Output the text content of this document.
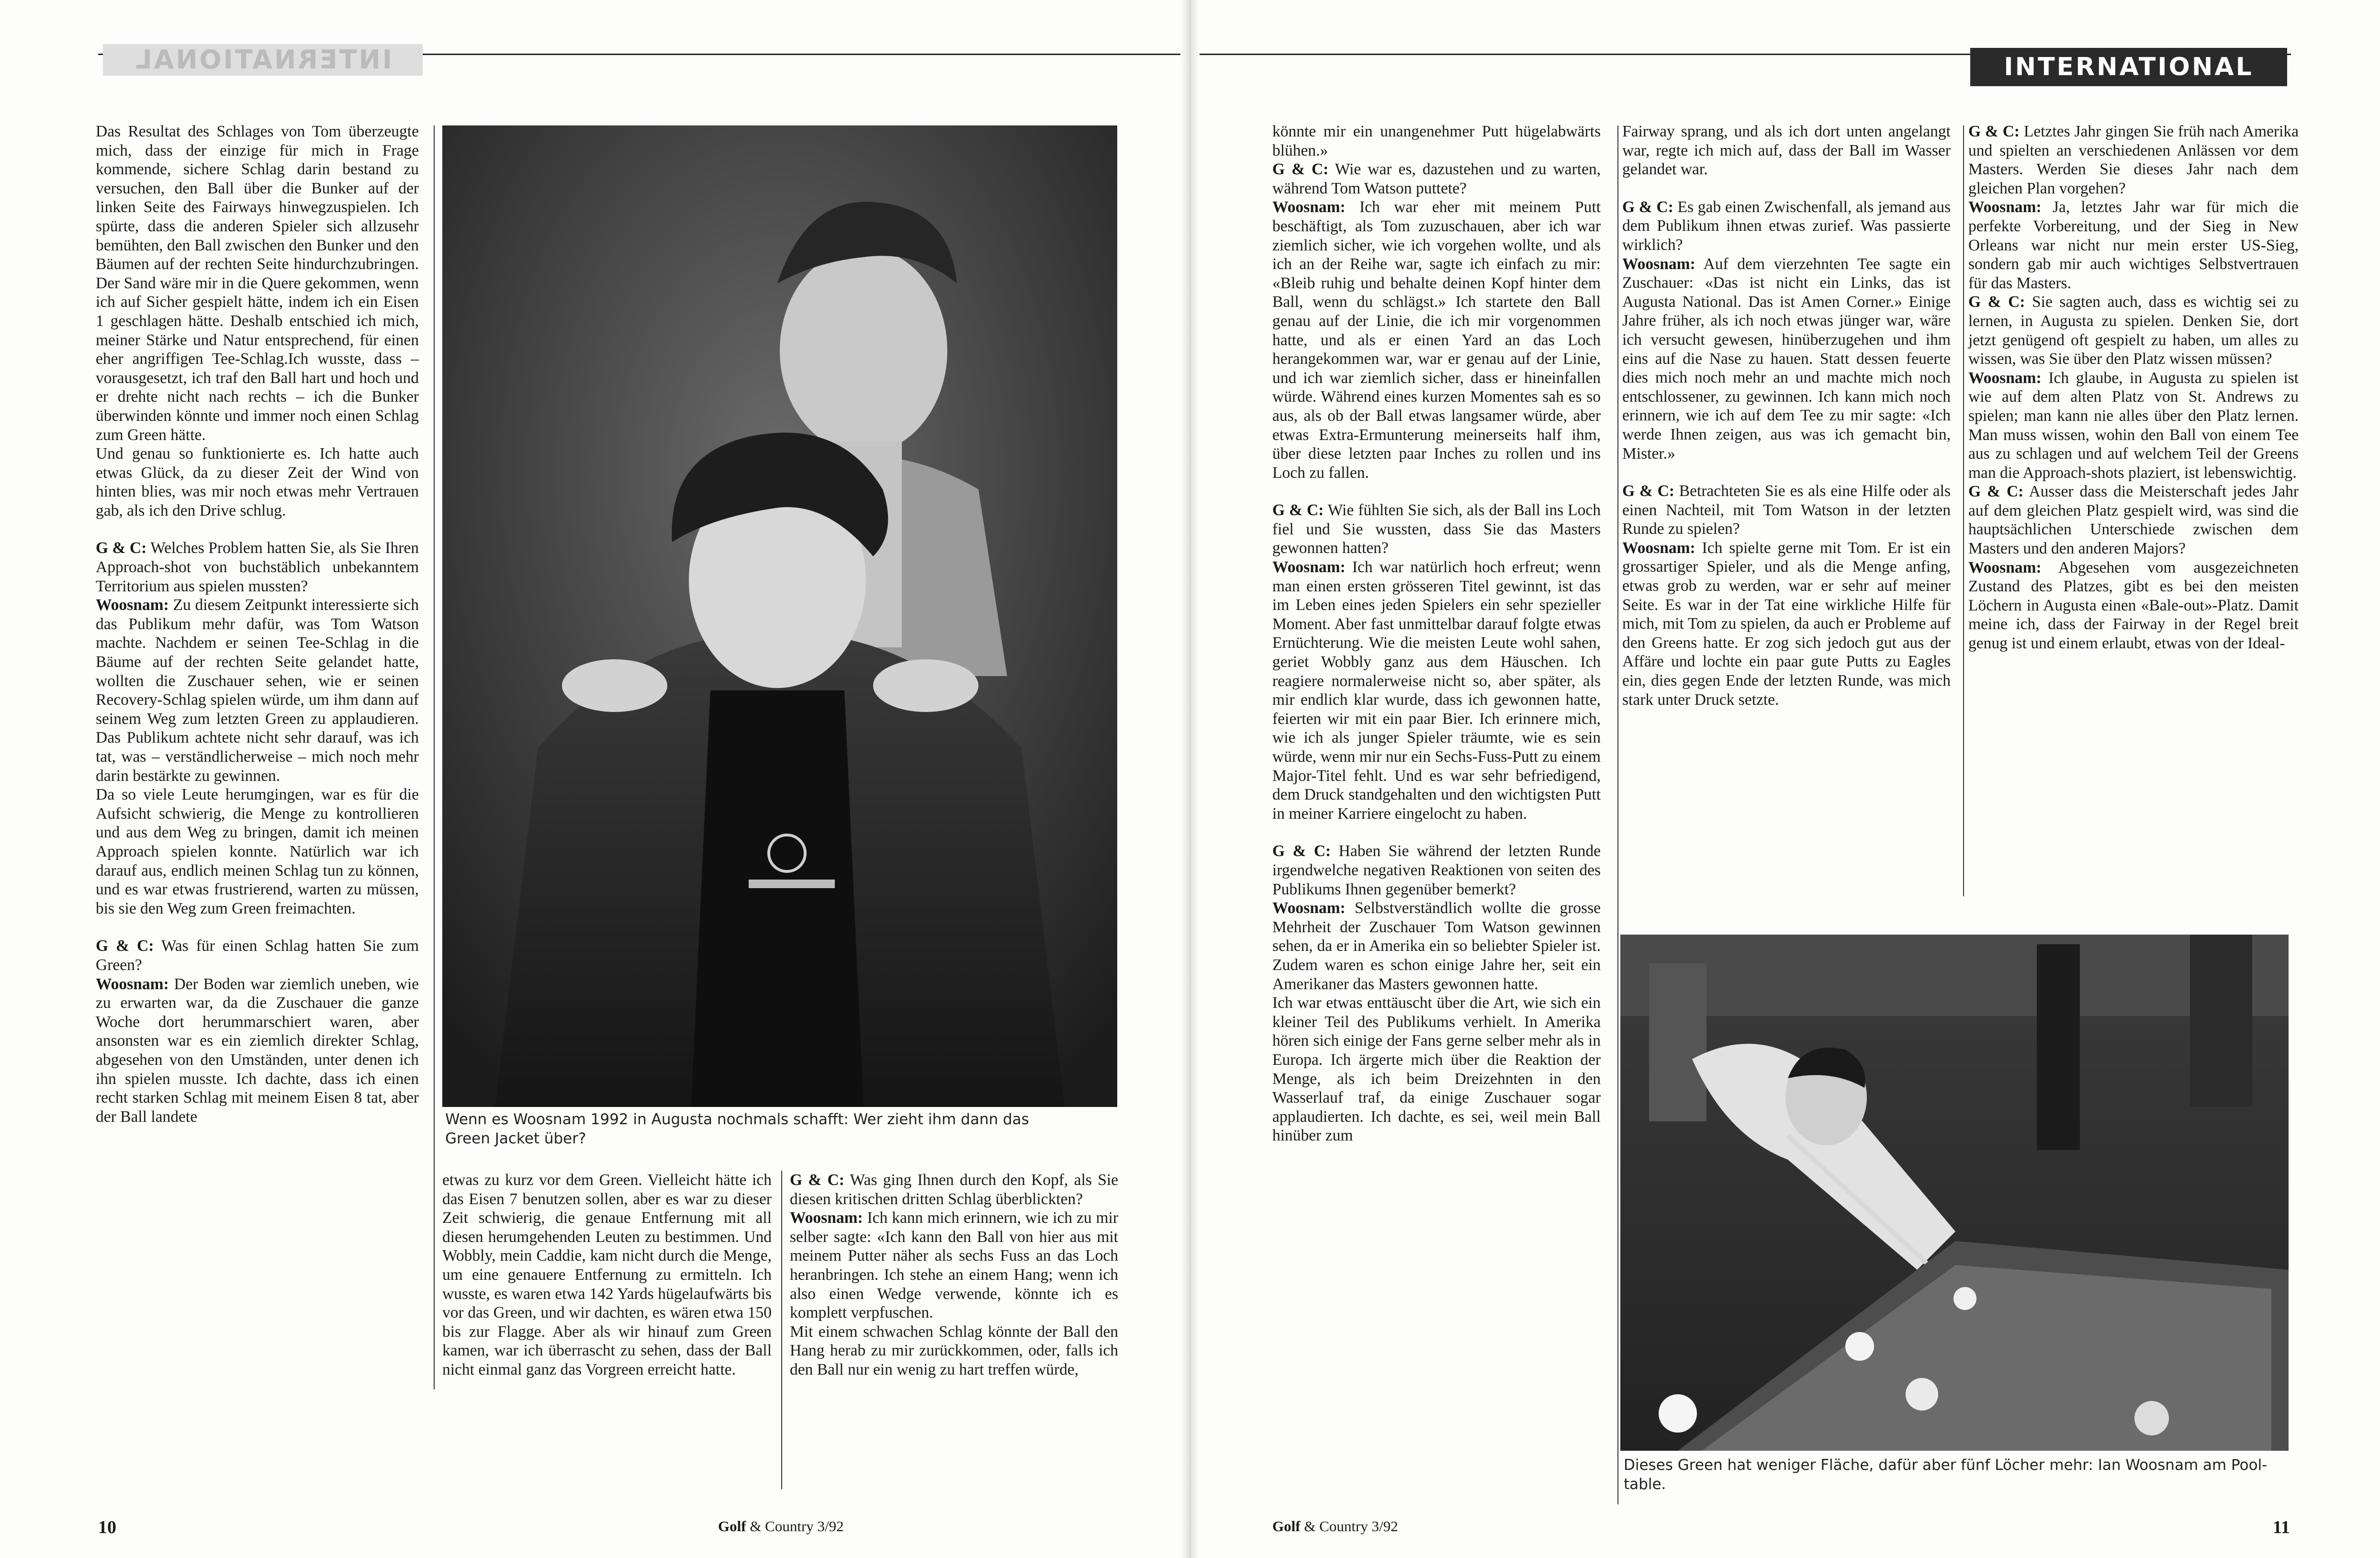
INTERNATIONAL

Das Resultat des Schlages von Tom überzeugte mich, dass der einzige für mich in Frage kommende, sichere Schlag darin bestand zu versuchen, den Ball über die Bunker auf der linken Seite des Fairways hinwegzuspielen. Ich spürte, dass die anderen Spieler sich allzusehr bemühten, den Ball zwischen den Bunker und den Bäumen auf der rechten Seite hindurchzubringen. Der Sand wäre mir in die Quere gekommen, wenn ich auf Sicher gespielt hätte, indem ich ein Eisen 1 geschlagen hätte. Deshalb entschied ich mich, meiner Stärke und Natur entsprechend, für einen eher angriffigen Tee-Schlag.Ich wusste, dass – vorausgesetzt, ich traf den Ball hart und hoch und er drehte nicht nach rechts – ich die Bunker überwinden könnte und immer noch einen Schlag zum Green hätte.

Und genau so funktionierte es. Ich hatte auch etwas Glück, da zu dieser Zeit der Wind von hinten blies, was mir noch etwas mehr Vertrauen gab, als ich den Drive schlug.

G & C: Welches Problem hatten Sie, als Sie Ihren Approach-shot von buchstäblich unbekanntem Territorium aus spielen mussten?

Woosnam: Zu diesem Zeitpunkt interessierte sich das Publikum mehr dafür, was Tom Watson machte. Nachdem er seinen Tee-Schlag in die Bäume auf der rechten Seite gelandet hatte, wollten die Zuschauer sehen, wie er seinen Recovery-Schlag spielen würde, um ihm dann auf seinem Weg zum letzten Green zu applaudieren. Das Publikum achtete nicht sehr darauf, was ich tat, was – verständlicherweise – mich noch mehr darin bestärkte zu gewinnen.

Da so viele Leute herumgingen, war es für die Aufsicht schwierig, die Menge zu kontrollieren und aus dem Weg zu bringen, damit ich meinen Approach spielen konnte. Natürlich war ich darauf aus, endlich meinen Schlag tun zu können, und es war etwas frustrierend, warten zu müssen, bis sie den Weg zum Green freimachten.

G & C: Was für einen Schlag hatten Sie zum Green?

Woosnam: Der Boden war ziemlich uneben, wie zu erwarten war, da die Zuschauer die ganze Woche dort herummarschiert waren, aber ansonsten war es ein ziemlich direkter Schlag, abgesehen von den Umständen, unter denen ich ihn spielen musste. Ich dachte, dass ich einen recht starken Schlag mit meinem Eisen 8 tat, aber der Ball landete	Wenn es Woosnam 1992 in Augusta nochmals schafft: Wer zieht ihm dann das Green Jacket über?

etwas zu kurz vor dem Green. Vielleicht hätte ich das Eisen 7 benutzen sollen, aber es war zu dieser Zeit schwierig, die genaue Entfernung mit all diesen herumgehenden Leuten zu bestimmen. Und Wobbly, mein Caddie, kam nicht durch die Menge, um eine genauere Entfernung zu ermitteln. Ich wusste, es waren etwa 142 Yards hügelaufwärts bis vor das Green, und wir dachten, es wären etwa 150 bis zur Flagge. Aber als wir hinauf zum Green kamen, war ich überrascht zu sehen, dass der Ball nicht einmal ganz das Vorgreen erreicht hatte.

G & C: Was ging Ihnen durch den Kopf, als Sie diesen kritischen dritten Schlag überblickten?

Woosnam: Ich kann mich erinnern, wie ich zu mir selber sagte: «Ich kann den Ball von hier aus mit meinem Putter näher als sechs Fuss an das Loch heranbringen. Ich stehe an einem Hang; wenn ich also einen Wedge verwende, könnte ich es komplett verpfuschen.

Mit einem schwachen Schlag könnte der Ball den Hang herab zu mir zurückkommen, oder, falls ich den Ball nur ein wenig zu hart treffen würde,

10	Golf & Country 3/92
INTERNATIONAL

könnte mir ein unangenehmer Putt hügelabwärts blühen.»

G & C: Wie war es, dazustehen und zu warten, während Tom Watson puttete?

Woosnam: Ich war eher mit meinem Putt beschäftigt, als Tom zuzuschauen, aber ich war ziemlich sicher, wie ich vorgehen wollte, und als ich an der Reihe war, sagte ich einfach zu mir: «Bleib ruhig und behalte deinen Kopf hinter dem Ball, wenn du schlägst.» Ich startete den Ball genau auf der Linie, die ich mir vorgenommen hatte, und als er einen Yard an das Loch herangekommen war, war er genau auf der Linie, und ich war ziemlich sicher, dass er hineinfallen würde. Während eines kurzen Momentes sah es so aus, als ob der Ball etwas langsamer würde, aber etwas Extra-Ermunterung meinerseits half ihm, über diese letzten paar Inches zu rollen und ins Loch zu fallen.

G & C: Wie fühlten Sie sich, als der Ball ins Loch fiel und Sie wussten, dass Sie das Masters gewonnen hatten?

Woosnam: Ich war natürlich hoch erfreut; wenn man einen ersten grösseren Titel gewinnt, ist das im Leben eines jeden Spielers ein sehr spezieller Moment. Aber fast unmittelbar darauf folgte etwas Ernüchterung. Wie die meisten Leute wohl sahen, geriet Wobbly ganz aus dem Häuschen. Ich reagiere normalerweise nicht so, aber später, als mir endlich klar wurde, dass ich gewonnen hatte, feierten wir mit ein paar Bier. Ich erinnere mich, wie ich als junger Spieler träumte, wie es sein würde, wenn mir nur ein Sechs-Fuss-Putt zu einem Major-Titel fehlt. Und es war sehr befriedigend, dem Druck standgehalten und den wichtigsten Putt in meiner Karriere eingelocht zu haben.

G & C: Haben Sie während der letzten Runde irgendwelche negativen Reaktionen von seiten des Publikums Ihnen gegenüber bemerkt?

Woosnam: Selbstverständlich wollte die grosse Mehrheit der Zuschauer Tom Watson gewinnen sehen, da er in Amerika ein so beliebter Spieler ist. Zudem waren es schon einige Jahre her, seit ein Amerikaner das Masters gewonnen hatte.

Ich war etwas enttäuscht über die Art, wie sich ein kleiner Teil des Publikums verhielt. In Amerika hören sich einige der Fans gerne selber mehr als in Europa. Ich ärgerte mich über die Reaktion der Menge, als ich beim Dreizehnten in den Wasserlauf traf, da einige Zuschauer sogar applaudierten. Ich dachte, es sei, weil mein Ball hinüber zum

Fairway sprang, und als ich dort unten angelangt war, regte ich mich auf, dass der Ball im Wasser gelandet war.

G & C: Es gab einen Zwischenfall, als jemand aus dem Publikum ihnen etwas zurief. Was passierte wirklich?

Woosnam: Auf dem vierzehnten Tee sagte ein Zuschauer: «Das ist nicht ein Links, das ist Augusta National. Das ist Amen Corner.» Einige Jahre früher, als ich noch etwas jünger war, wäre ich versucht gewesen, hinüberzugehen und ihm eins auf die Nase zu hauen. Statt dessen feuerte dies mich noch mehr an und machte mich noch entschlossener, zu gewinnen. Ich kann mich noch erinnern, wie ich auf dem Tee zu mir sagte: «Ich werde Ihnen zeigen, aus was ich gemacht bin, Mister.»

G & C: Betrachteten Sie es als eine Hilfe oder als einen Nachteil, mit Tom Watson in der letzten Runde zu spielen?

Woosnam: Ich spielte gerne mit Tom. Er ist ein grossartiger Spieler, und als die Menge anfing, etwas grob zu werden, war er sehr auf meiner Seite. Es war in der Tat eine wirkliche Hilfe für mich, mit Tom zu spielen, da auch er Probleme auf den Greens hatte. Er zog sich jedoch gut aus der Affäre und lochte ein paar gute Putts zu Eagles ein, dies gegen Ende der letzten Runde, was mich stark unter Druck setzte.

G & C: Letztes Jahr gingen Sie früh nach Amerika und spielten an verschiedenen Anlässen vor dem Masters. Werden Sie dieses Jahr nach dem gleichen Plan vorgehen?

Woosnam: Ja, letztes Jahr war für mich die perfekte Vorbereitung, und der Sieg in New Orleans war nicht nur mein erster US-Sieg, sondern gab mir auch wichtiges Selbstvertrauen für das Masters.

G & C: Sie sagten auch, dass es wichtig sei zu lernen, in Augusta zu spielen. Denken Sie, dort jetzt genügend oft gespielt zu haben, um alles zu wissen, was Sie über den Platz wissen müssen?

Woosnam: Ich glaube, in Augusta zu spielen ist wie auf dem alten Platz von St. Andrews zu spielen; man kann nie alles über den Platz lernen. Man muss wissen, wohin den Ball von einem Tee aus zu schlagen und auf welchem Teil der Greens man die Approach-shots plaziert, ist lebenswichtig.

G & C: Ausser dass die Meisterschaft jedes Jahr auf dem gleichen Platz gespielt wird, was sind die hauptsächlichen Unterschiede zwischen dem Masters und den anderen Majors?

Woosnam: Abgesehen vom ausgezeichneten Zustand des Platzes, gibt es bei den meisten Löchern in Augusta einen «Bale-out»-Platz. Damit meine ich, dass der Fairway in der Regel breit genug ist und einem erlaubt, etwas von der Ideal-

Dieses Green hat weniger Fläche, dafür aber fünf Löcher mehr: Ian Woosnam am Pool-table.
Golf & Country 3/92	11
